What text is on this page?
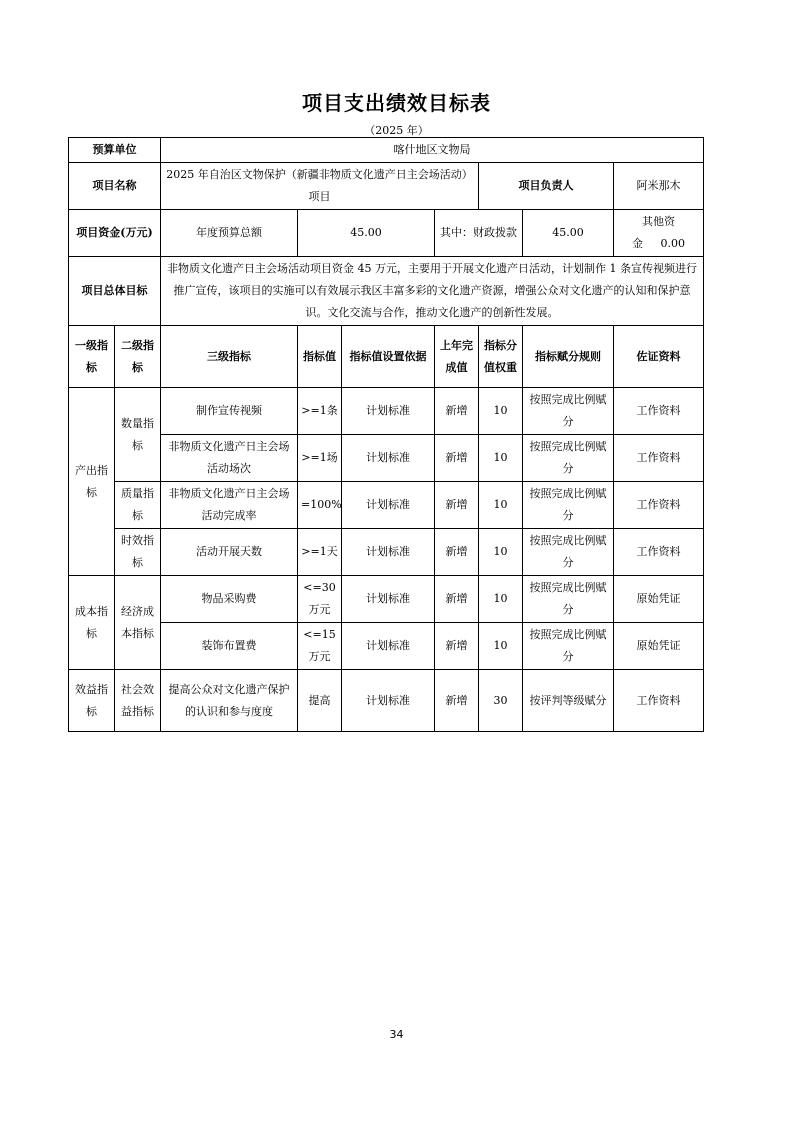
项目支出绩效目标表
（2025 年）
预算单位		喀什地区文物局						
项目名称		2025 年自治区文物保护（新疆非物质文化遗产日主会场活动）项目				项目负责人		阿米那木
项目资金(万元)		年度预算总额	45.00		其中：财政拨款		45.00	其他资金 0.00
项目总体目标		非物质文化遗产日主会场活动项目资金 45 万元，主要用于开展文化遗产日活动，计划制作 1 条宣传视频进行推广宣传，该项目的实施可以有效展示我区丰富多彩的文化遗产资源，增强公众对文化遗产的认知和保护意识。文化交流与合作，推动文化遗产的创新性发展。						
一级指标	二级指标	三级指标	指标值	指标值设置依据	上年完成值	指标分值权重	指标赋分规则	佐证资料
产出指标	数量指标	制作宣传视频	>=1条	计划标准	新增	10	按照完成比例赋分	工作资料
		非物质文化遗产日主会场活动场次	>=1场	计划标准	新增	10	按照完成比例赋分	工作资料
	质量指标	非物质文化遗产日主会场活动完成率	=100%	计划标准	新增	10	按照完成比例赋分	工作资料
	时效指标	活动开展天数	>=1天	计划标准	新增	10	按照完成比例赋分	工作资料
成本指标	经济成本指标	物品采购费	<=30万元	计划标准	新增	10	按照完成比例赋分	原始凭证
		装饰布置费	<=15万元	计划标准	新增	10	按照完成比例赋分	原始凭证
效益指标	社会效益指标	提高公众对文化遗产保护的认识和参与度度	提高	计划标准	新增	30	按评判等级赋分	工作资料
34
